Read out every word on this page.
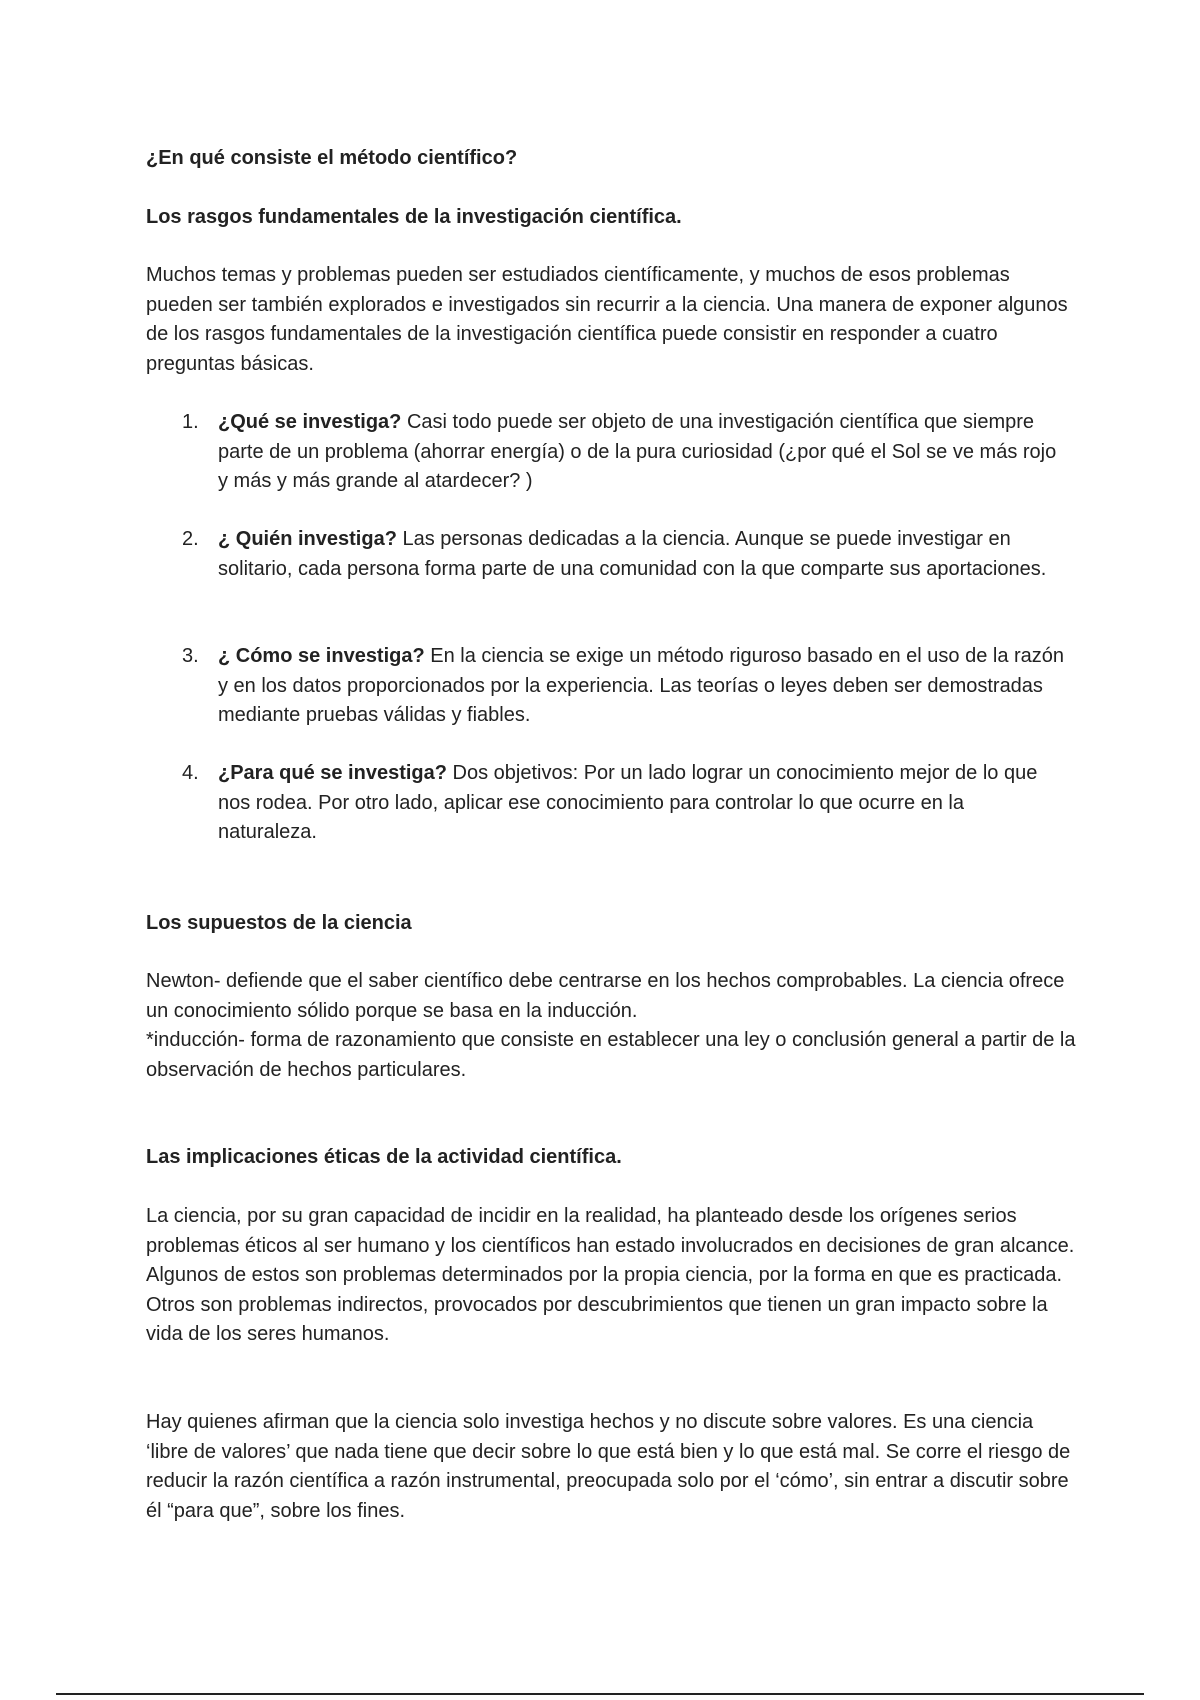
¿En qué consiste el método científico?
Los rasgos fundamentales de la investigación científica.

Muchos temas y problemas pueden ser estudiados científicamente, y muchos de esos problemas pueden ser también explorados e investigados sin recurrir a la ciencia. Una manera de exponer algunos de los rasgos fundamentales de la investigación científica puede consistir en responder a cuatro preguntas básicas.

1. ¿Qué se investiga? Casi todo puede ser objeto de una investigación científica que siempre parte de un problema (ahorrar energía) o de la pura curiosidad (¿por qué el Sol se ve más rojo y más y más grande al atardecer? )
2. ¿ Quién investiga? Las personas dedicadas a la ciencia. Aunque se puede investigar en solitario, cada persona forma parte de una comunidad con la que comparte sus aportaciones.
3. ¿ Cómo se investiga? En la ciencia se exige un método riguroso basado en el uso de la razón y en los datos proporcionados por la experiencia. Las teorías o leyes deben ser demostradas mediante pruebas válidas y fiables.
4. ¿Para qué se investiga? Dos objetivos: Por un lado lograr un conocimiento mejor de lo que nos rodea. Por otro lado, aplicar ese conocimiento para controlar lo que ocurre en la naturaleza.
Los supuestos de la ciencia

Newton- defiende que el saber científico debe centrarse en los hechos comprobables. La ciencia ofrece un conocimiento sólido porque se basa en la inducción.

*inducción- forma de razonamiento que consiste en establecer una ley o conclusión general a partir de la observación de hechos particulares.

Las implicaciones éticas de la actividad científica.

La ciencia, por su gran capacidad de incidir en la realidad, ha planteado desde los orígenes serios problemas éticos al ser humano y los científicos han estado involucrados en decisiones de gran alcance. Algunos de estos son problemas determinados por la propia ciencia, por la forma en que es practicada. Otros son problemas indirectos, provocados por descubrimientos que tienen un gran impacto sobre la vida de los seres humanos.

Hay quienes afirman que la ciencia solo investiga hechos y no discute sobre valores. Es una ciencia ‘libre de valores’ que nada tiene que decir sobre lo que está bien y lo que está mal. Se corre el riesgo de reducir la razón científica a razón instrumental, preocupada solo por el ‘cómo’, sin entrar a discutir sobre él “para que”, sobre los fines.
